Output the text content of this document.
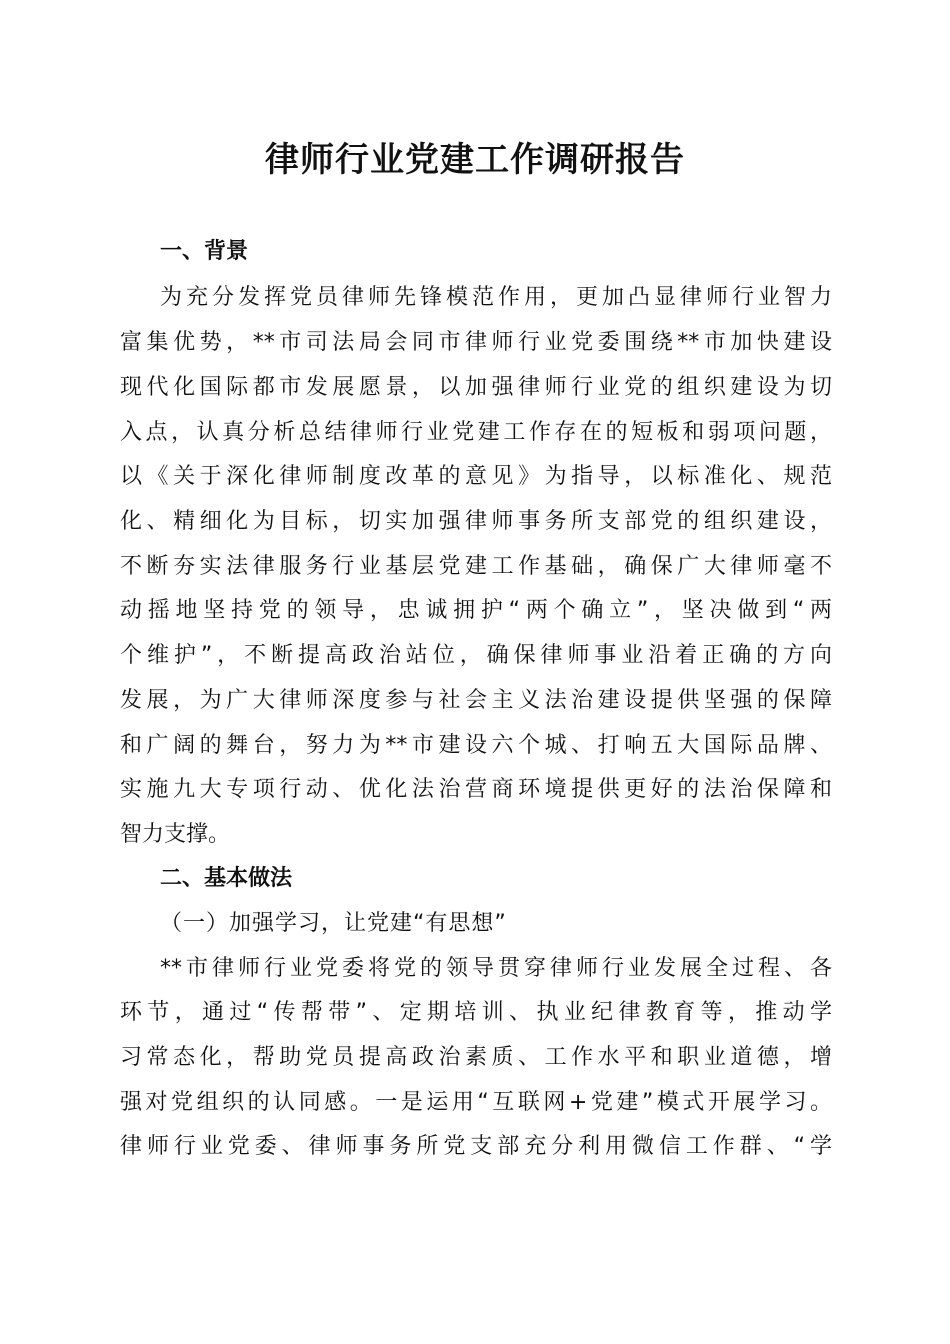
律师行业党建工作调研报告
一、背景
为充分发挥党员律师先锋模范作用，更加凸显律师行业智力
富集优势，**市司法局会同市律师行业党委围绕**市加快建设
现代化国际都市发展愿景，以加强律师行业党的组织建设为切
入点，认真分析总结律师行业党建工作存在的短板和弱项问题，
以《关于深化律师制度改革的意见》为指导，以标准化、规范
化、精细化为目标，切实加强律师事务所支部党的组织建设，
不断夯实法律服务行业基层党建工作基础，确保广大律师毫不
动摇地坚持党的领导，忠诚拥护“两个确立”，坚决做到“两
个维护”，不断提高政治站位，确保律师事业沿着正确的方向
发展，为广大律师深度参与社会主义法治建设提供坚强的保障
和广阔的舞台，努力为**市建设六个城、打响五大国际品牌、
实施九大专项行动、优化法治营商环境提供更好的法治保障和
智力支撑。
二、基本做法
（一）加强学习，让党建“有思想”
**市律师行业党委将党的领导贯穿律师行业发展全过程、各
环节，通过“传帮带”、定期培训、执业纪律教育等，推动学
习常态化，帮助党员提高政治素质、工作水平和职业道德，增
强对党组织的认同感。一是运用“互联网+党建”模式开展学习。
律师行业党委、律师事务所党支部充分利用微信工作群、“学
